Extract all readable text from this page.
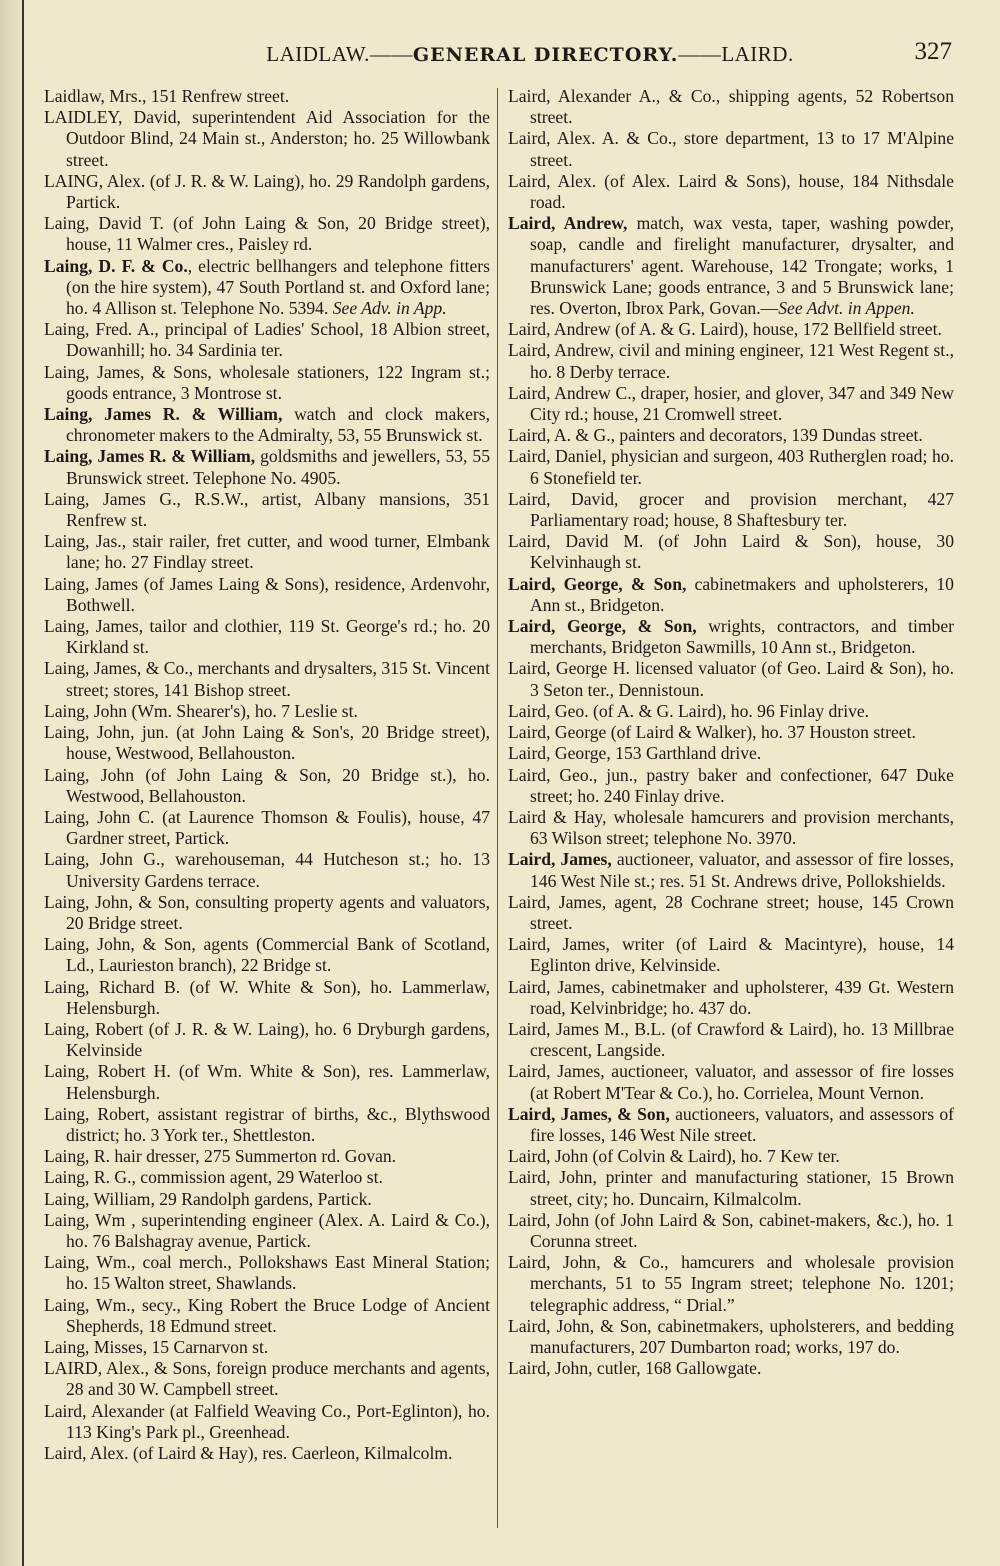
LAIDLAW.——GENERAL DIRECTORY.——LAIRD.	327

Laidlaw, Mrs., 151 Renfrew street.

LAIDLEY, David, superintendent Aid Association for the Outdoor Blind, 24 Main st., Anderston; ho. 25 Willowbank street.

LAING, Alex. (of J. R. & W. Laing), ho. 29 Randolph gardens, Partick.

Laing, David T. (of John Laing & Son, 20 Bridge street), house, 11 Walmer cres., Paisley rd.

Laing, D. F. & Co., electric bellhangers and telephone fitters (on the hire system), 47 South Portland st. and Oxford lane; ho. 4 Allison st. Telephone No. 5394. See Adv. in App.

Laing, Fred. A., principal of Ladies' School, 18 Albion street, Dowanhill; ho. 34 Sardinia ter.

Laing, James, & Sons, wholesale stationers, 122 Ingram st.; goods entrance, 3 Montrose st.

Laing, James R. & William, watch and clock makers, chronometer makers to the Admiralty, 53, 55 Brunswick st.

Laing, James R. & William, goldsmiths and jewellers, 53, 55 Brunswick street. Telephone No. 4905.

Laing, James G., R.S.W., artist, Albany mansions, 351 Renfrew st.

Laing, Jas., stair railer, fret cutter, and wood turner, Elmbank lane; ho. 27 Findlay street.

Laing, James (of James Laing & Sons), residence, Ardenvohr, Bothwell.

Laing, James, tailor and clothier, 119 St. George's rd.; ho. 20 Kirkland st.

Laing, James, & Co., merchants and drysalters, 315 St. Vincent street; stores, 141 Bishop street.

Laing, John (Wm. Shearer's), ho. 7 Leslie st.

Laing, John, jun. (at John Laing & Son's, 20 Bridge street), house, Westwood, Bellahouston.

Laing, John (of John Laing & Son, 20 Bridge st.), ho. Westwood, Bellahouston.

Laing, John C. (at Laurence Thomson & Foulis), house, 47 Gardner street, Partick.

Laing, John G., warehouseman, 44 Hutcheson st.; ho. 13 University Gardens terrace.

Laing, John, & Son, consulting property agents and valuators, 20 Bridge street.

Laing, John, & Son, agents (Commercial Bank of Scotland, Ld., Laurieston branch), 22 Bridge st.

Laing, Richard B. (of W. White & Son), ho. Lammerlaw, Helensburgh.

Laing, Robert (of J. R. & W. Laing), ho. 6 Dryburgh gardens, Kelvinside

Laing, Robert H. (of Wm. White & Son), res. Lammerlaw, Helensburgh.

Laing, Robert, assistant registrar of births, &c., Blythswood district; ho. 3 York ter., Shettleston.

Laing, R. hair dresser, 275 Summerton rd. Govan.

Laing, R. G., commission agent, 29 Waterloo st.

Laing, William, 29 Randolph gardens, Partick.

Laing, Wm , superintending engineer (Alex. A. Laird & Co.), ho. 76 Balshagray avenue, Partick.

Laing, Wm., coal merch., Pollokshaws East Mineral Station; ho. 15 Walton street, Shawlands.

Laing, Wm., secy., King Robert the Bruce Lodge of Ancient Shepherds, 18 Edmund street.

Laing, Misses, 15 Carnarvon st.

LAIRD, Alex., & Sons, foreign produce merchants and agents, 28 and 30 W. Campbell street.

Laird, Alexander (at Falfield Weaving Co., Port-Eglinton), ho. 113 King's Park pl., Greenhead.

Laird, Alex. (of Laird & Hay), res. Caerleon, Kilmalcolm.

Laird, Alexander A., & Co., shipping agents, 52 Robertson street.

Laird, Alex. A. & Co., store department, 13 to 17 M'Alpine street.

Laird, Alex. (of Alex. Laird & Sons), house, 184 Nithsdale road.

Laird, Andrew, match, wax vesta, taper, washing powder, soap, candle and firelight manufacturer, drysalter, and manufacturers' agent. Warehouse, 142 Trongate; works, 1 Brunswick Lane; goods entrance, 3 and 5 Brunswick lane; res. Overton, Ibrox Park, Govan.—See Advt. in Appen.

Laird, Andrew (of A. & G. Laird), house, 172 Bellfield street.

Laird, Andrew, civil and mining engineer, 121 West Regent st., ho. 8 Derby terrace.

Laird, Andrew C., draper, hosier, and glover, 347 and 349 New City rd.; house, 21 Cromwell street.

Laird, A. & G., painters and decorators, 139 Dundas street.

Laird, Daniel, physician and surgeon, 403 Rutherglen road; ho. 6 Stonefield ter.

Laird, David, grocer and provision merchant, 427 Parliamentary road; house, 8 Shaftesbury ter.

Laird, David M. (of John Laird & Son), house, 30 Kelvinhaugh st.

Laird, George, & Son, cabinetmakers and upholsterers, 10 Ann st., Bridgeton.

Laird, George, & Son, wrights, contractors, and timber merchants, Bridgeton Sawmills, 10 Ann st., Bridgeton.

Laird, George H. licensed valuator (of Geo. Laird & Son), ho. 3 Seton ter., Dennistoun.

Laird, Geo. (of A. & G. Laird), ho. 96 Finlay drive.

Laird, George (of Laird & Walker), ho. 37 Houston street.

Laird, George, 153 Garthland drive.

Laird, Geo., jun., pastry baker and confectioner, 647 Duke street; ho. 240 Finlay drive.

Laird & Hay, wholesale hamcurers and provision merchants, 63 Wilson street; telephone No. 3970.

Laird, James, auctioneer, valuator, and assessor of fire losses, 146 West Nile st.; res. 51 St. Andrews drive, Pollokshields.

Laird, James, agent, 28 Cochrane street; house, 145 Crown street.

Laird, James, writer (of Laird & Macintyre), house, 14 Eglinton drive, Kelvinside.

Laird, James, cabinetmaker and upholsterer, 439 Gt. Western road, Kelvinbridge; ho. 437 do.

Laird, James M., B.L. (of Crawford & Laird), ho. 13 Millbrae crescent, Langside.

Laird, James, auctioneer, valuator, and assessor of fire losses (at Robert M'Tear & Co.), ho. Corrielea, Mount Vernon.

Laird, James, & Son, auctioneers, valuators, and assessors of fire losses, 146 West Nile street.

Laird, John (of Colvin & Laird), ho. 7 Kew ter.

Laird, John, printer and manufacturing stationer, 15 Brown street, city; ho. Duncairn, Kilmalcolm.

Laird, John (of John Laird & Son, cabinet-makers, &c.), ho. 1 Corunna street.

Laird, John, & Co., hamcurers and wholesale provision merchants, 51 to 55 Ingram street; telephone No. 1201; telegraphic address, “ Drial.”

Laird, John, & Son, cabinetmakers, upholsterers, and bedding manufacturers, 207 Dumbarton road; works, 197 do.

Laird, John, cutler, 168 Gallowgate.
